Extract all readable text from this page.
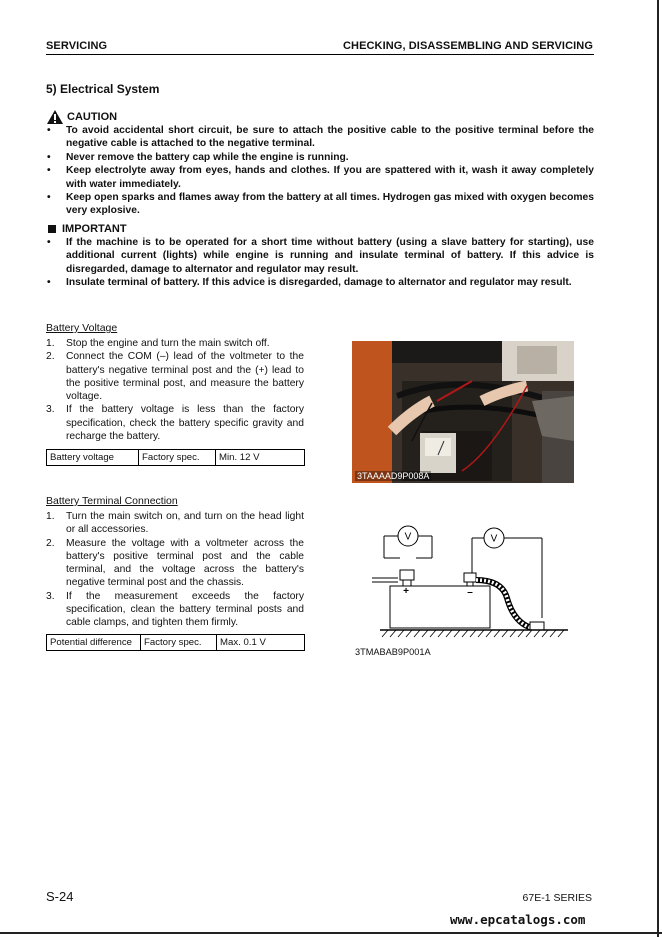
SERVICING	CHECKING, DISASSEMBLING AND SERVICING
5) Electrical System
CAUTION
• To avoid accidental short circuit, be sure to attach the positive cable to the positive terminal before the negative cable is attached to the negative terminal.
• Never remove the battery cap while the engine is running.
• Keep electrolyte away from eyes, hands and clothes. If you are spattered with it, wash it away completely with water immediately.
• Keep open sparks and flames away from the battery at all times. Hydrogen gas mixed with oxygen becomes very explosive.
IMPORTANT
• If the machine is to be operated for a short time without battery (using a slave battery for starting), use additional current (lights) while engine is running and insulate terminal of battery. If this advice is disregarded, damage to alternator and regulator may result.
• Insulate terminal of battery. If this advice is disregarded, damage to alternator and regulator may result.
Battery Voltage
1. Stop the engine and turn the main switch off.
2. Connect the COM (–) lead of the voltmeter to the battery's negative terminal post and the (+) lead to the positive terminal post, and measure the battery voltage.
3. If the battery voltage is less than the factory specification, check the battery specific gravity and recharge the battery.
Battery voltage	Factory spec.	Min. 12 V
3TAAAAD9P008A
Battery Terminal Connection
1. Turn the main switch on, and turn on the head light or all accessories.
2. Measure the voltage with a voltmeter across the battery's positive terminal post and the cable terminal, and the voltage across the battery's negative terminal post and the chassis.
3. If the measurement exceeds the factory specification, clean the battery terminal posts and cable clamps, and tighten them firmly.
Potential difference	Factory spec.	Max. 0.1 V
V	V
+	–
3TMABAB9P001A
S-24	67E-1 SERIES
www.epcatalogs.com
